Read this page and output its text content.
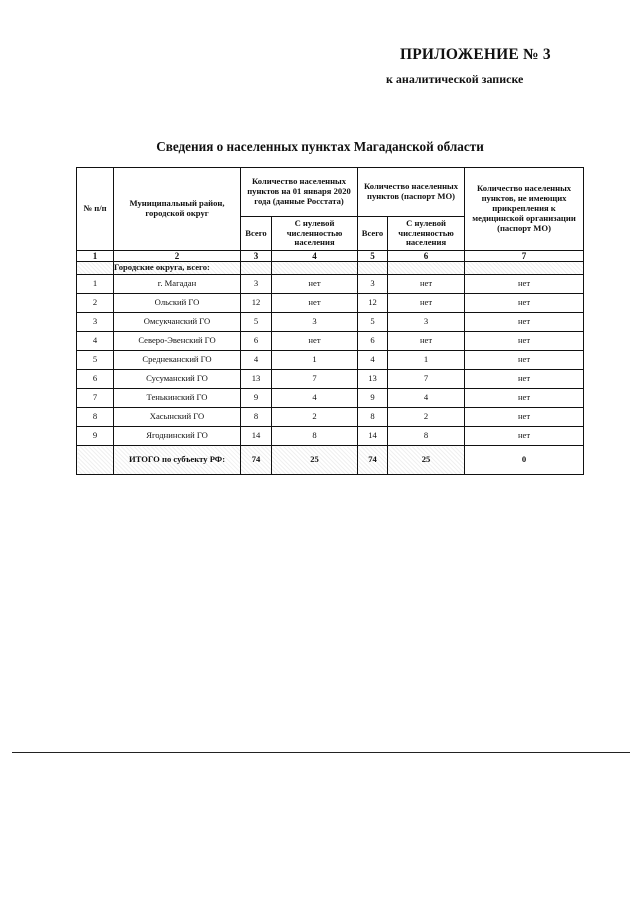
ПРИЛОЖЕНИЕ № 3
к аналитической записке
Сведения о населенных пунктах Магаданской области
№ п/п	Муниципальный район, городской округ	Количество населенных пунктов на 01 января 2020 года (данные Росстата)		Количество населенных пунктов (паспорт МО)		Количество населенных пунктов, не имеющих прикрепления к медицинской организации (паспорт МО)
		Всего	С нулевой численностью населения	Всего	С нулевой численностью населения	
1	2	3	4	5	6	7
	Городские округа, всего:					
1	г. Магадан	3	нет	3	нет	нет
2	Ольский ГО	12	нет	12	нет	нет
3	Омсукчанский ГО	5	3	5	3	нет
4	Северо-Эвенский ГО	6	нет	6	нет	нет
5	Среднеканский ГО	4	1	4	1	нет
6	Сусуманский ГО	13	7	13	7	нет
7	Тенькинский ГО	9	4	9	4	нет
8	Хасынский ГО	8	2	8	2	нет
9	Ягоднинский ГО	14	8	14	8	нет
	ИТОГО по субъекту РФ:	74	25	74	25	0
